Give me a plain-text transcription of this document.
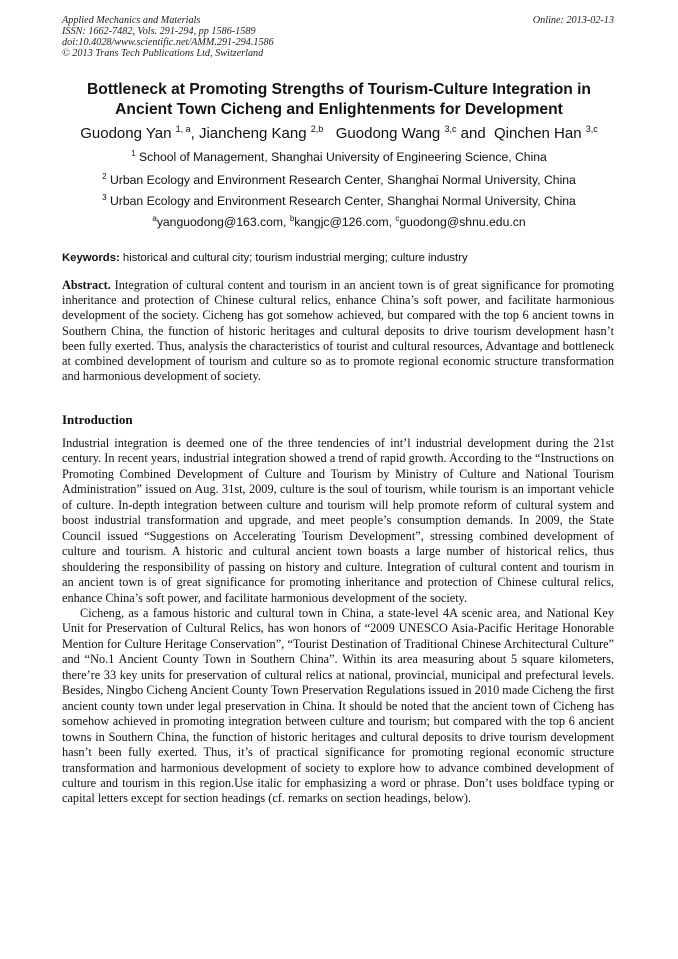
Applied Mechanics and Materials
ISSN: 1662-7482, Vols. 291-294, pp 1586-1589
doi:10.4028/www.scientific.net/AMM.291-294.1586
© 2013 Trans Tech Publications Ltd, Switzerland
Online: 2013-02-13
Bottleneck at Promoting Strengths of Tourism-Culture Integration in
Ancient Town Cicheng and Enlightenments for Development
Guodong Yan $^{1, a}$, Jiancheng Kang $^{2,b}$ Guodong Wang $^{3,c}$ and  Qinchen Han $^{3,c}$
$^1$ School of Management, Shanghai University of Engineering Science, China
$^2$ Urban Ecology and Environment Research Center, Shanghai Normal University, China
$^3$ Urban Ecology and Environment Research Center, Shanghai Normal University, China
$^a$yanguodong@163.com, $^b$kangjc@126.com, $^c$guodong@shnu.edu.cn
Keywords: historical and cultural city; tourism industrial merging; culture industry

Abstract. Integration of cultural content and tourism in an ancient town is of great significance for promoting inheritance and protection of Chinese cultural relics, enhance China’s soft power, and facilitate harmonious development of the society. Cicheng has got somehow achieved, but compared with the top 6 ancient towns in Southern China, the function of historic heritages and cultural deposits to drive tourism development hasn’t been fully exerted. Thus, analysis the characteristics of tourist and cultural resources, Advantage and bottleneck at combined development of tourism and culture so as to promote regional economic structure transformation and harmonious development of society.

Introduction

Industrial integration is deemed one of the three tendencies of int’l industrial development during the 21st century. In recent years, industrial integration showed a trend of rapid growth. According to the “Instructions on Promoting Combined Development of Culture and Tourism by Ministry of Culture and National Tourism Administration” issued on Aug. 31st, 2009, culture is the soul of tourism, while tourism is an important vehicle of culture. In-depth integration between culture and tourism will help promote reform of cultural system and boost industrial transformation and upgrade, and meet people’s consumption demands. In 2009, the State Council issued “Suggestions on Accelerating Tourism Development”, stressing combined development of culture and tourism. A historic and cultural ancient town boasts a large number of historical relics, thus shouldering the responsibility of passing on history and culture. Integration of cultural content and tourism in an ancient town is of great significance for promoting inheritance and protection of Chinese cultural relics, enhance China’s soft power, and facilitate harmonious development of the society.

Cicheng, as a famous historic and cultural town in China, a state-level 4A scenic area, and National Key Unit for Preservation of Cultural Relics, has won honors of “2009 UNESCO Asia-Pacific Heritage Honorable Mention for Culture Heritage Conservation”, “Tourist Destination of Traditional Chinese Architectural Culture” and “No.1 Ancient County Town in Southern China”. Within its area measuring about 5 square kilometers, there’re 33 key units for preservation of cultural relics at national, provincial, municipal and prefectural levels. Besides, Ningbo Cicheng Ancient County Town Preservation Regulations issued in 2010 made Cicheng the first ancient county town under legal preservation in China. It should be noted that the ancient town of Cicheng has somehow achieved in promoting integration between culture and tourism; but compared with the top 6 ancient towns in Southern China, the function of historic heritages and cultural deposits to drive tourism development hasn’t been fully exerted. Thus, it’s of practical significance for promoting regional economic structure transformation and harmonious development of society to explore how to advance combined development of culture and tourism in this region.Use italic for emphasizing a word or phrase. Don’t uses boldface typing or capital letters except for section headings (cf. remarks on section headings, below).
